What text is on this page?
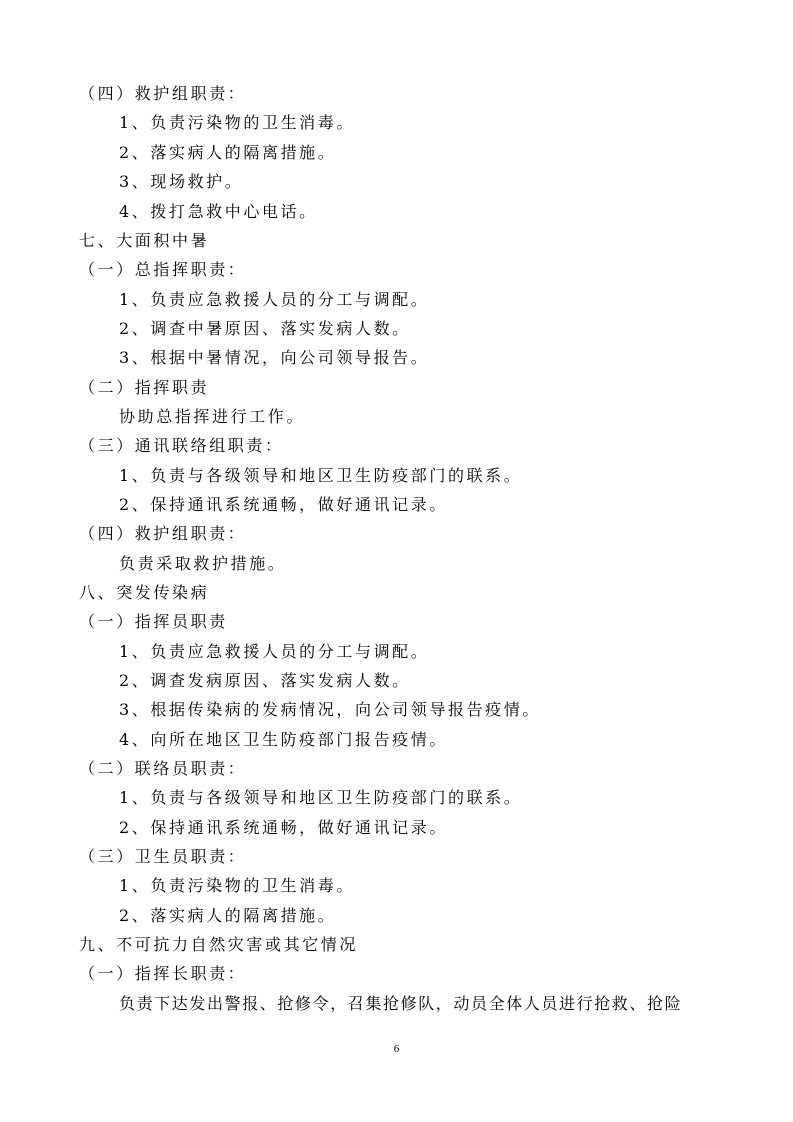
（四）救护组职责：
1、负责污染物的卫生消毒。
2、落实病人的隔离措施。
3、现场救护。
4、拨打急救中心电话。
七、大面积中暑
（一）总指挥职责：
1、负责应急救援人员的分工与调配。
2、调查中暑原因、落实发病人数。
3、根据中暑情况，向公司领导报告。
（二）指挥职责
协助总指挥进行工作。
（三）通讯联络组职责：
1、负责与各级领导和地区卫生防疫部门的联系。
2、保持通讯系统通畅，做好通讯记录。
（四）救护组职责：
负责采取救护措施。
八、突发传染病
（一）指挥员职责
1、负责应急救援人员的分工与调配。
2、调查发病原因、落实发病人数。
3、根据传染病的发病情况，向公司领导报告疫情。
4、向所在地区卫生防疫部门报告疫情。
（二）联络员职责：
1、负责与各级领导和地区卫生防疫部门的联系。
2、保持通讯系统通畅，做好通讯记录。
（三）卫生员职责：
1、负责污染物的卫生消毒。
2、落实病人的隔离措施。
九、不可抗力自然灾害或其它情况
（一）指挥长职责：
负责下达发出警报、抢修令，召集抢修队，动员全体人员进行抢救、抢险
6
